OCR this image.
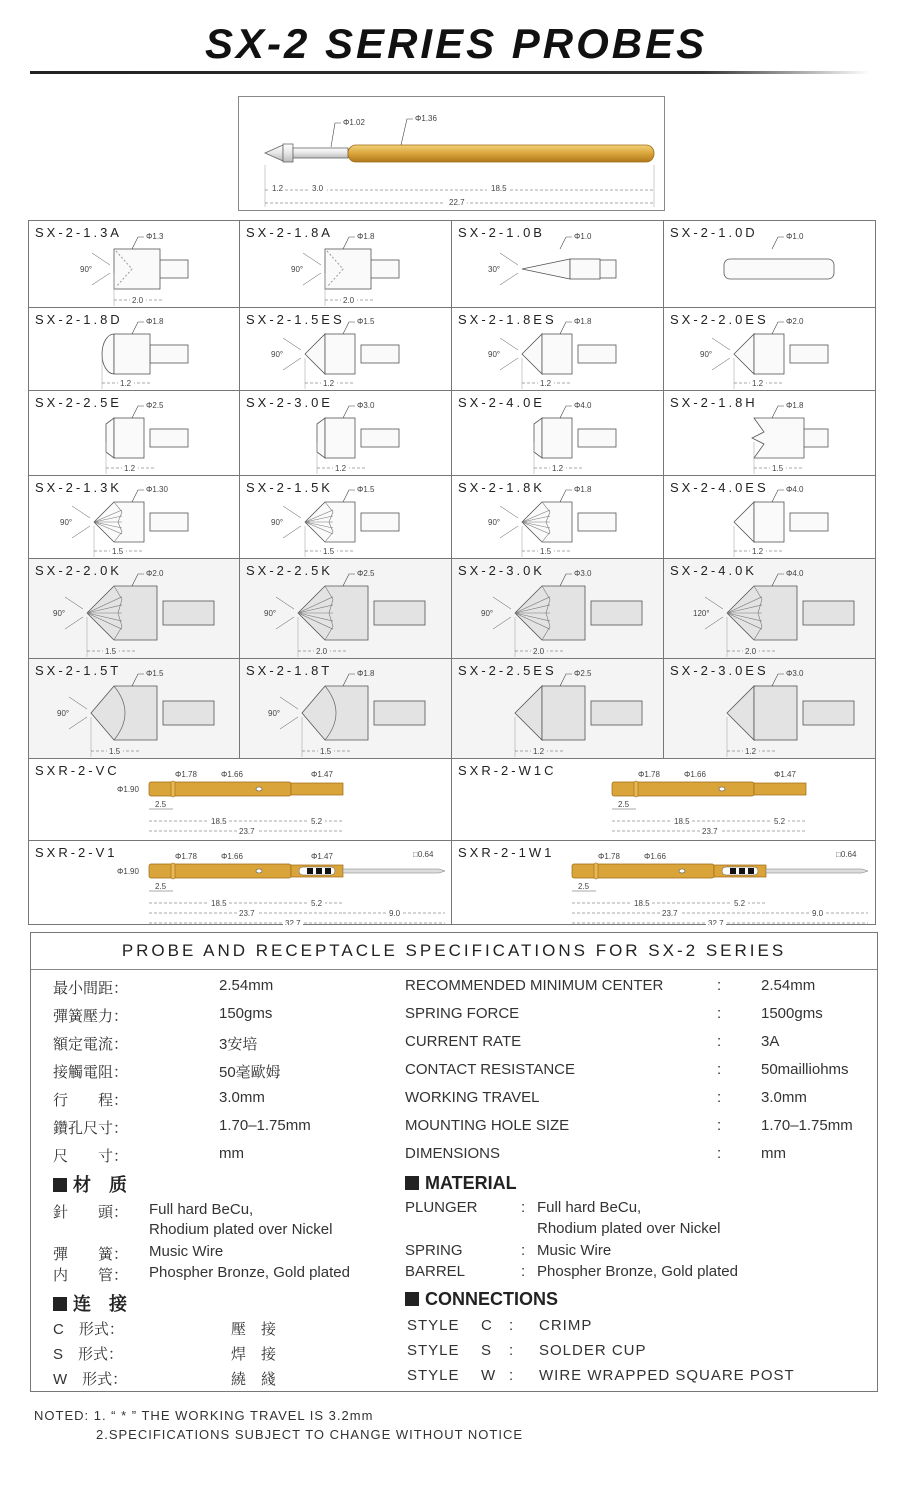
SX-2 SERIES PROBES
Φ1.02	Φ1.36
1.2	3.0	18.5
22.7
SX-2-1.3A	Φ1.3
90°
2.0
SX-2-1.8A	Φ1.8
90°
2.0
SX-2-1.0B	Φ1.0
30°
SX-2-1.0D	Φ1.0
SX-2-1.8D	Φ1.8
1.2
SX-2-1.5ES Φ1.5
90°
1.2
SX-2-1.8ES Φ1.8
90°
1.2
SX-2-2.0ES Φ2.0
90°
1.2
SX-2-2.5E	Φ2.5
1.2
SX-2-3.0E	Φ3.0
1.2
SX-2-4.0E	Φ4.0
1.2
SX-2-1.8H	Φ1.8
1.5
SX-2-1.3K	Φ1.30
90°
1.5
SX-2-1.5K	Φ1.5
90°
1.5
SX-2-1.8K	Φ1.8
90°
1.5
SX-2-4.0ES Φ4.0
1.2
SX-2-2.0K	Φ2.0
90°
1.5
SX-2-2.5K	Φ2.5
90°
2.0
SX-2-3.0K	Φ3.0
90°
2.0
SX-2-4.0K	Φ4.0
120°
2.0
SX-2-1.5T	Φ1.5
90°
1.5
SX-2-1.8T	Φ1.8
90°
1.5
SX-2-2.5ES Φ2.5
1.2
SX-2-3.0ES Φ3.0
1.2
SXR-2-VC	Φ1.78	Φ1.66	Φ1.47
Φ1.90
2.5
18.5	5.2
23.7
SXR-2-W1C	Φ1.78	Φ1.66	Φ1.47
2.5
18.5	5.2
23.7
SXR-2-V1	□0.64
Φ1.78	Φ1.66	Φ1.47
Φ1.90
2.5
18.5	5.2
23.7	9.0
32.7
SXR-2-1W1	□0.64
Φ1.78	Φ1.66
2.5
18.5	5.2
23.7	9.0
32.7
PROBE AND RECEPTACLE SPECIFICATIONS FOR SX-2 SERIES
最小間距：	2.54mm	RECOMMENDED MINIMUM CENTER	:	2.54mm
彈簧壓力：	150gms	SPRING FORCE	:	1500gms
額定電流：	3安培	CURRENT RATE	:	3A
接觸電阻：	50毫歐姆	CONTACT RESISTANCE	:	50mailliohms
行　　程：	3.0mm	WORKING TRAVEL	:	3.0mm
鑽孔尺寸：	1.70–1.75mm	MOUNTING HOLE SIZE	:	1.70–1.75mm
尺　　寸：	mm	DIMENSIONS	:	mm
材　质	MATERIAL
針　　頭： Full hard BeCu,
Rhodium plated over Nickel
彈　　簧： Music Wire
内　　管： Phospher Bronze, Gold plated
PLUNGER	: Full hard BeCu,
Rhodium plated over Nickel
SPRING	: Music Wire
BARREL	: Phospher Bronze, Gold plated
连　接	CONNECTIONS
C　形式：	壓　接
S　形式：	焊　接
W　形式：	繞　綫
STYLE C : CRIMP
STYLE S : SOLDER CUP
STYLE W : WIRE WRAPPED SQUARE POST
NOTED: 1. “ * ” THE WORKING TRAVEL IS 3.2mm
2.SPECIFICATIONS SUBJECT TO CHANGE WITHOUT NOTICE
